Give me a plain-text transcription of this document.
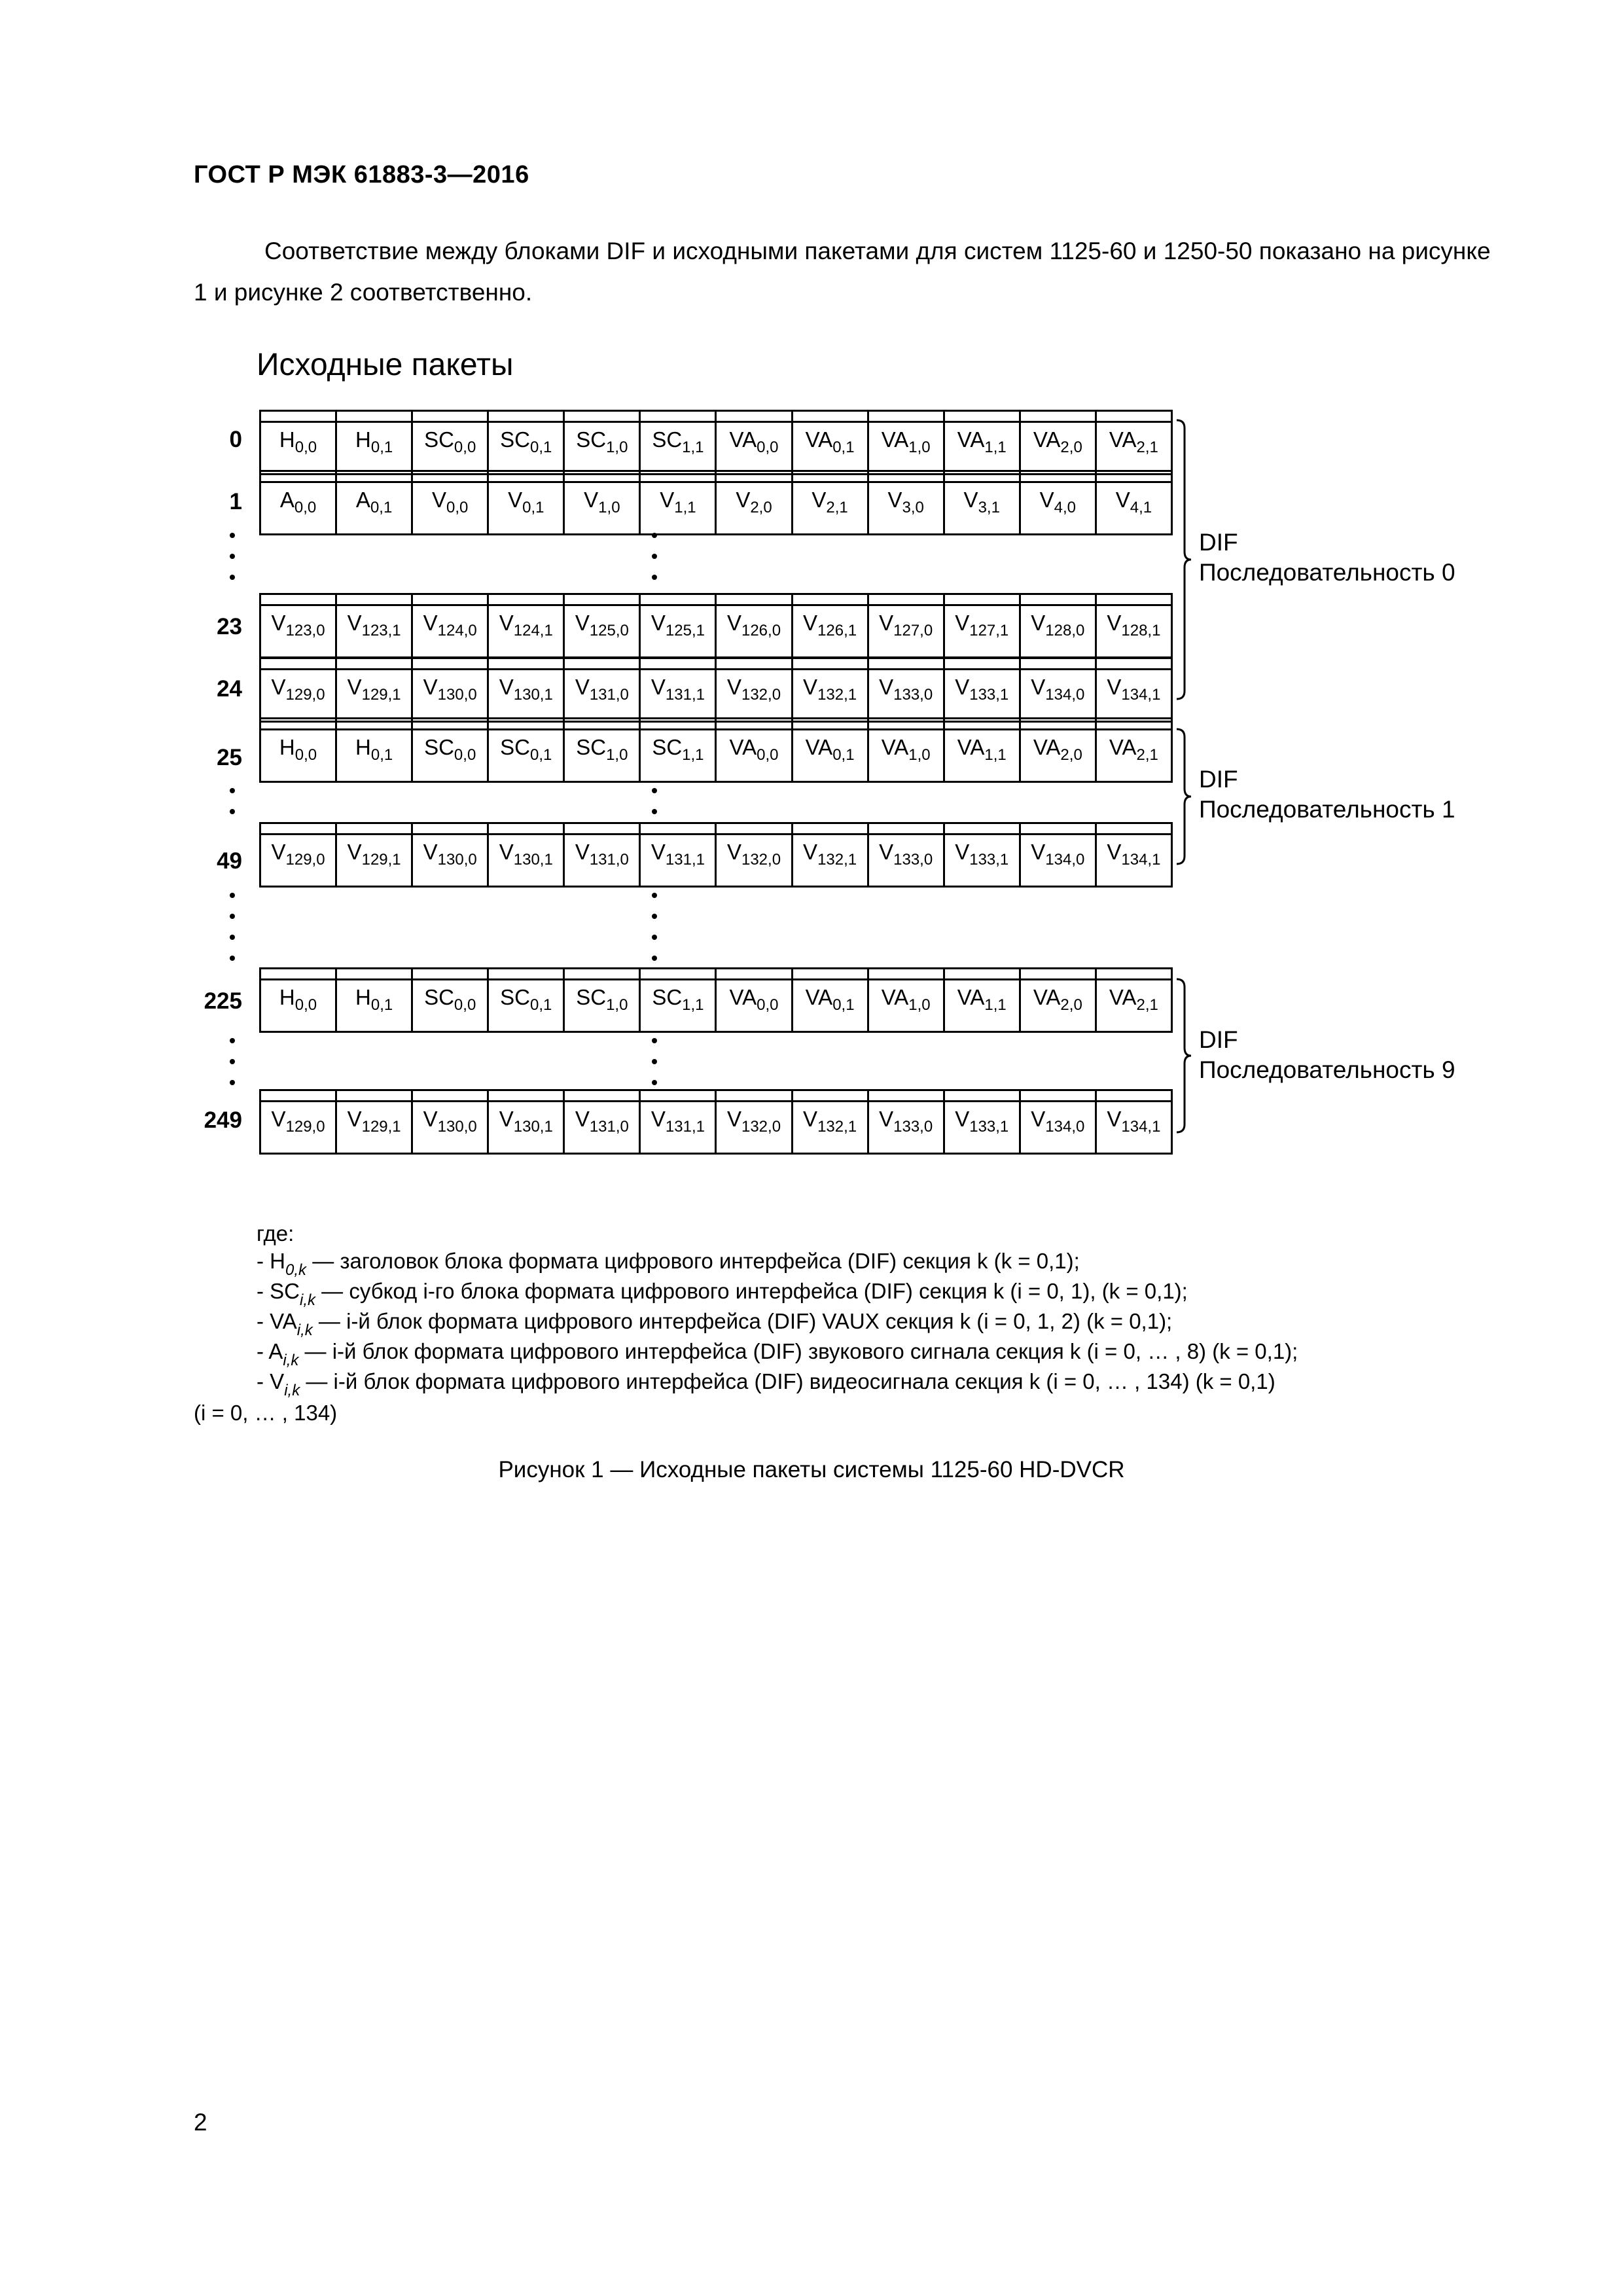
ГОСТ Р МЭК 61883-3—2016
Соответствие между блоками DIF и исходными пакетами для систем 1125-60 и 1250-50 показано на рисунке 1 и рисунке 2 соответственно.
Исходные пакеты
0	$H_{0,0}$	$H_{0,1}$	$SC_{0,0}$	$SC_{0,1}$	$SC_{1,0}$	$SC_{1,1}$	$VA_{0,0}$	$VA_{0,1}$	$VA_{1,0}$	$VA_{1,1}$	$VA_{2,0}$	$VA_{2,1}$
1	$A_{0,0}$	$A_{0,1}$	$V_{0,0}$	$V_{0,1}$	$V_{1,0}$	$V_{1,1}$	$V_{2,0}$	$V_{2,1}$	$V_{3,0}$	$V_{3,1}$	$V_{4,0}$	$V_{4,1}$
23	$V_{123,0}$	$V_{123,1}$	$V_{124,0}$	$V_{124,1}$	$V_{125,0}$	$V_{125,1}$	$V_{126,0}$	$V_{126,1}$	$V_{127,0}$	$V_{127,1}$	$V_{128,0}$	$V_{128,1}$
24	$V_{129,0}$	$V_{129,1}$	$V_{130,0}$	$V_{130,1}$	$V_{131,0}$	$V_{131,1}$	$V_{132,0}$	$V_{132,1}$	$V_{133,0}$	$V_{133,1}$	$V_{134,0}$	$V_{134,1}$
25	$H_{0,0}$	$H_{0,1}$	$SC_{0,0}$	$SC_{0,1}$	$SC_{1,0}$	$SC_{1,1}$	$VA_{0,0}$	$VA_{0,1}$	$VA_{1,0}$	$VA_{1,1}$	$VA_{2,0}$	$VA_{2,1}$
49	$V_{129,0}$	$V_{129,1}$	$V_{130,0}$	$V_{130,1}$	$V_{131,0}$	$V_{131,1}$	$V_{132,0}$	$V_{132,1}$	$V_{133,0}$	$V_{133,1}$	$V_{134,0}$	$V_{134,1}$
225	$H_{0,0}$	$H_{0,1}$	$SC_{0,0}$	$SC_{0,1}$	$SC_{1,0}$	$SC_{1,1}$	$VA_{0,0}$	$VA_{0,1}$	$VA_{1,0}$	$VA_{1,1}$	$VA_{2,0}$	$VA_{2,1}$
249	$V_{129,0}$	$V_{129,1}$	$V_{130,0}$	$V_{130,1}$	$V_{131,0}$	$V_{131,1}$	$V_{132,0}$	$V_{132,1}$	$V_{133,0}$	$V_{133,1}$	$V_{134,0}$	$V_{134,1}$
DIF
Последовательность 0
DIF
Последовательность 1
DIF
Последовательность 9
где:
- $H_{0,k}$ — заголовок блока формата цифрового интерфейса (DIF) секция k (k = 0,1);
- $SC_{i,k}$ — субкод i-го блока формата цифрового интерфейса (DIF) секция k (i = 0, 1), (k = 0,1);
- $VA_{i,k}$ — i-й блок формата цифрового интерфейса (DIF) VAUX секция k (i = 0, 1, 2) (k = 0,1);
- $A_{i,k}$ — i-й блок формата цифрового интерфейса (DIF) звукового сигнала секция k (i = 0, … , 8) (k = 0,1);
- $V_{i,k}$ — i-й блок формата цифрового интерфейса (DIF) видеосигнала секция k (i = 0, … , 134) (k = 0,1)
(i = 0, … , 134)
Рисунок 1 — Исходные пакеты системы 1125-60 HD-DVCR
2
